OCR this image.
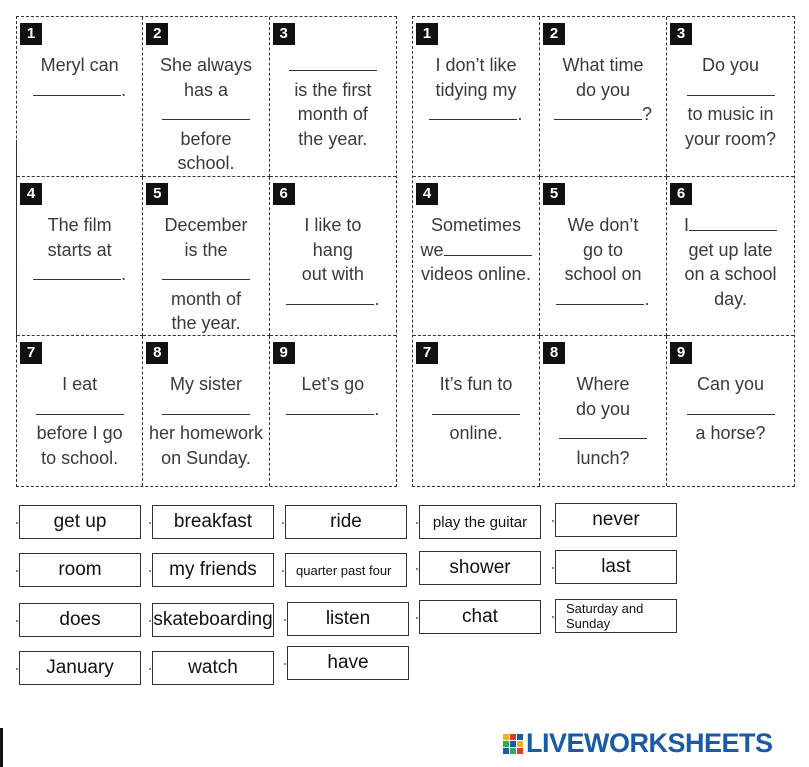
1
Meryl can
.
2
She always
has a
before
school.
3
is the first
month of
the year.
4
The film
starts at
.
5
December
is the
month of
the year.
6
I like to
hang
out with
.
7
I eat
before I go
to school.
8
My sister
her homework
on Sunday.
9
Let’s go
.
1
I don’t like
tidying my
.
2
What time
do you
?
3
Do you
to music in
your room?
4
Sometimes
we
videos online.
5
We don’t
go to
school on
.
6
I
get up late
on a school
day.
7
It’s fun to
online.
8
Where
do you
lunch?
9
Can you
a horse?
get up	breakfast	ride	play the guitar	never
room	my friends	quarter past four	shower	last
does	skateboarding	listen	chat	Saturday and Sunday
January	watch	have
LIVEWORKSHEETS
